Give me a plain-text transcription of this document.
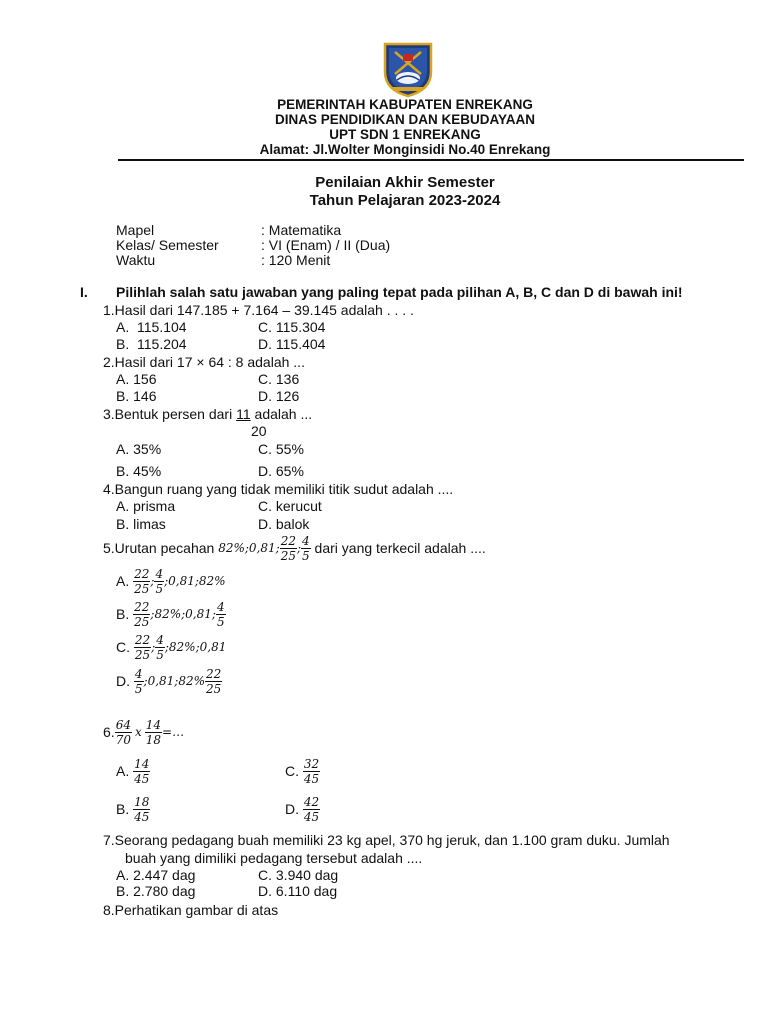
PEMERINTAH KABUPATEN ENREKANG
DINAS PENDIDIKAN DAN KEBUDAYAAN
UPT SDN 1 ENREKANG
Alamat: Jl.Wolter Monginsidi No.40 Enrekang
Penilaian Akhir Semester
Tahun Pelajaran 2023-2024
Mapel	: Matematika
Kelas/ Semester	: VI (Enam) / II (Dua)
Waktu	: 120 Menit
I. Pilihlah salah satu jawaban yang paling tepat pada pilihan A, B, C dan D di bawah ini!
1.Hasil dari 147.185 + 7.164 – 39.145 adalah . . . .
A.  115.104	C. 115.304
B.  115.204	D. 115.404
2.Hasil dari 17 × 64 : 8 adalah ...
A. 156	C. 136
B. 146	D. 126
3.Bentuk persen dari 11 adalah ...
20
A. 35%	C. 55%
B. 45%	D. 65%
4.Bangun ruang yang tidak memiliki titik sudut adalah ....
A. prisma	C. kerucut
B. limas	D. balok
5.Urutan pecahan 82%;0,81; $\frac{22}{25}$ ; $\frac{4}{5}$ dari yang terkecil adalah ....
A. $\frac{22}{25}$ ; $\frac{4}{5}$ ;0,81;82%
B. $\frac{22}{25}$ ;82%;0,81; $\frac{4}{5}$
C. $\frac{22}{25}$ ; $\frac{4}{5}$ ;82%;0,81
D. $\frac{4}{5}$ ;0,81;82% $\frac{22}{25}$
6. $\frac{64}{70}$ x $\frac{14}{18}$ =…
A. $\frac{14}{45}$	C. $\frac{32}{45}$
B. $\frac{18}{45}$	D. $\frac{42}{45}$
7.Seorang pedagang buah memiliki 23 kg apel, 370 hg jeruk, dan 1.100 gram duku. Jumlah
buah yang dimiliki pedagang tersebut adalah ....
A. 2.447 dag	C. 3.940 dag
B. 2.780 dag	D. 6.110 dag
8.Perhatikan gambar di atas
